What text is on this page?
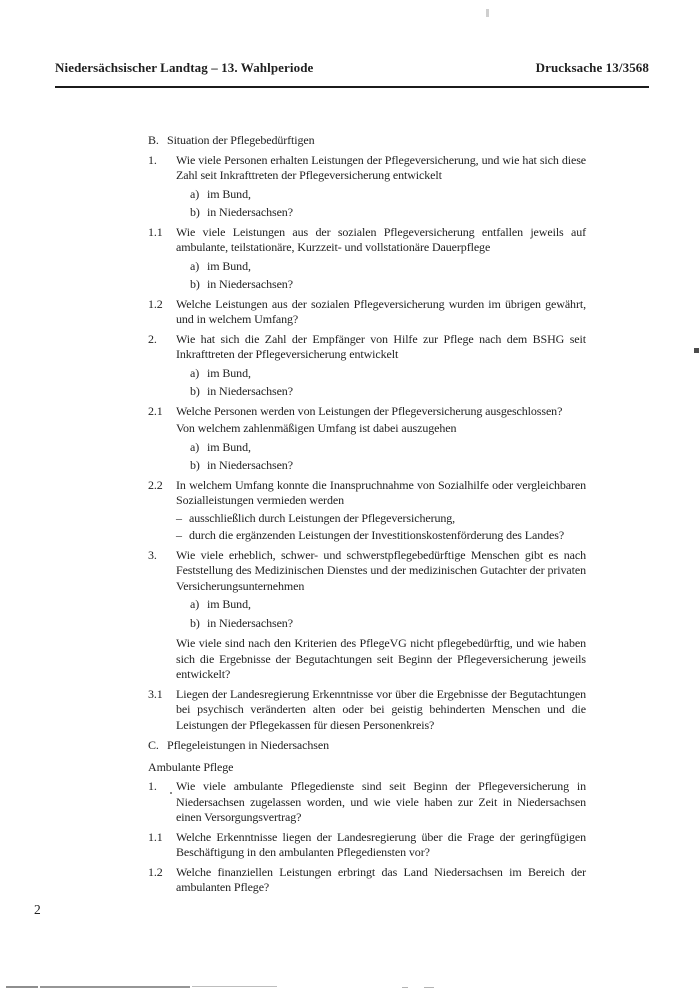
Niedersächsischer Landtag – 13. Wahlperiode	Drucksache 13/3568
B. Situation der Pflegebedürftigen
1.	Wie viele Personen erhalten Leistungen der Pflegeversicherung, und wie hat sich diese Zahl seit Inkrafttreten der Pflegeversicherung entwickelt
a) im Bund,
b) in Niedersachsen?
1.1	Wie viele Leistungen aus der sozialen Pflegeversicherung entfallen jeweils auf ambulante, teilstationäre, Kurzzeit- und vollstationäre Dauerpflege
a) im Bund,
b) in Niedersachsen?
1.2	Welche Leistungen aus der sozialen Pflegeversicherung wurden im übrigen gewährt, und in welchem Umfang?
2.	Wie hat sich die Zahl der Empfänger von Hilfe zur Pflege nach dem BSHG seit Inkrafttreten der Pflegeversicherung entwickelt
a) im Bund,
b) in Niedersachsen?
2.1	Welche Personen werden von Leistungen der Pflegeversicherung ausgeschlossen?
Von welchem zahlenmäßigen Umfang ist dabei auszugehen
a) im Bund,
b) in Niedersachsen?
2.2	In welchem Umfang konnte die Inanspruchnahme von Sozialhilfe oder vergleichbaren Sozialleistungen vermieden werden
– ausschließlich durch Leistungen der Pflegeversicherung,
– durch die ergänzenden Leistungen der Investitionskostenförderung des Landes?
3.	Wie viele erheblich, schwer- und schwerstpflegebedürftige Menschen gibt es nach Feststellung des Medizinischen Dienstes und der medizinischen Gutachter der privaten Versicherungsunternehmen
a) im Bund,
b) in Niedersachsen?
Wie viele sind nach den Kriterien des PflegeVG nicht pflegebedürftig, und wie haben sich die Ergebnisse der Begutachtungen seit Beginn der Pflegeversicherung jeweils entwickelt?
3.1	Liegen der Landesregierung Erkenntnisse vor über die Ergebnisse der Begutachtungen bei psychisch veränderten alten oder bei geistig behinderten Menschen und die Leistungen der Pflegekassen für diesen Personenkreis?
C. Pflegeleistungen in Niedersachsen
Ambulante Pflege
1.	Wie viele ambulante Pflegedienste sind seit Beginn der Pflegeversicherung in Niedersachsen zugelassen worden, und wie viele haben zur Zeit in Niedersachsen einen Versorgungsvertrag?
1.1	Welche Erkenntnisse liegen der Landesregierung über die Frage der geringfügigen Beschäftigung in den ambulanten Pflegediensten vor?
1.2	Welche finanziellen Leistungen erbringt das Land Niedersachsen im Bereich der ambulanten Pflege?
2
